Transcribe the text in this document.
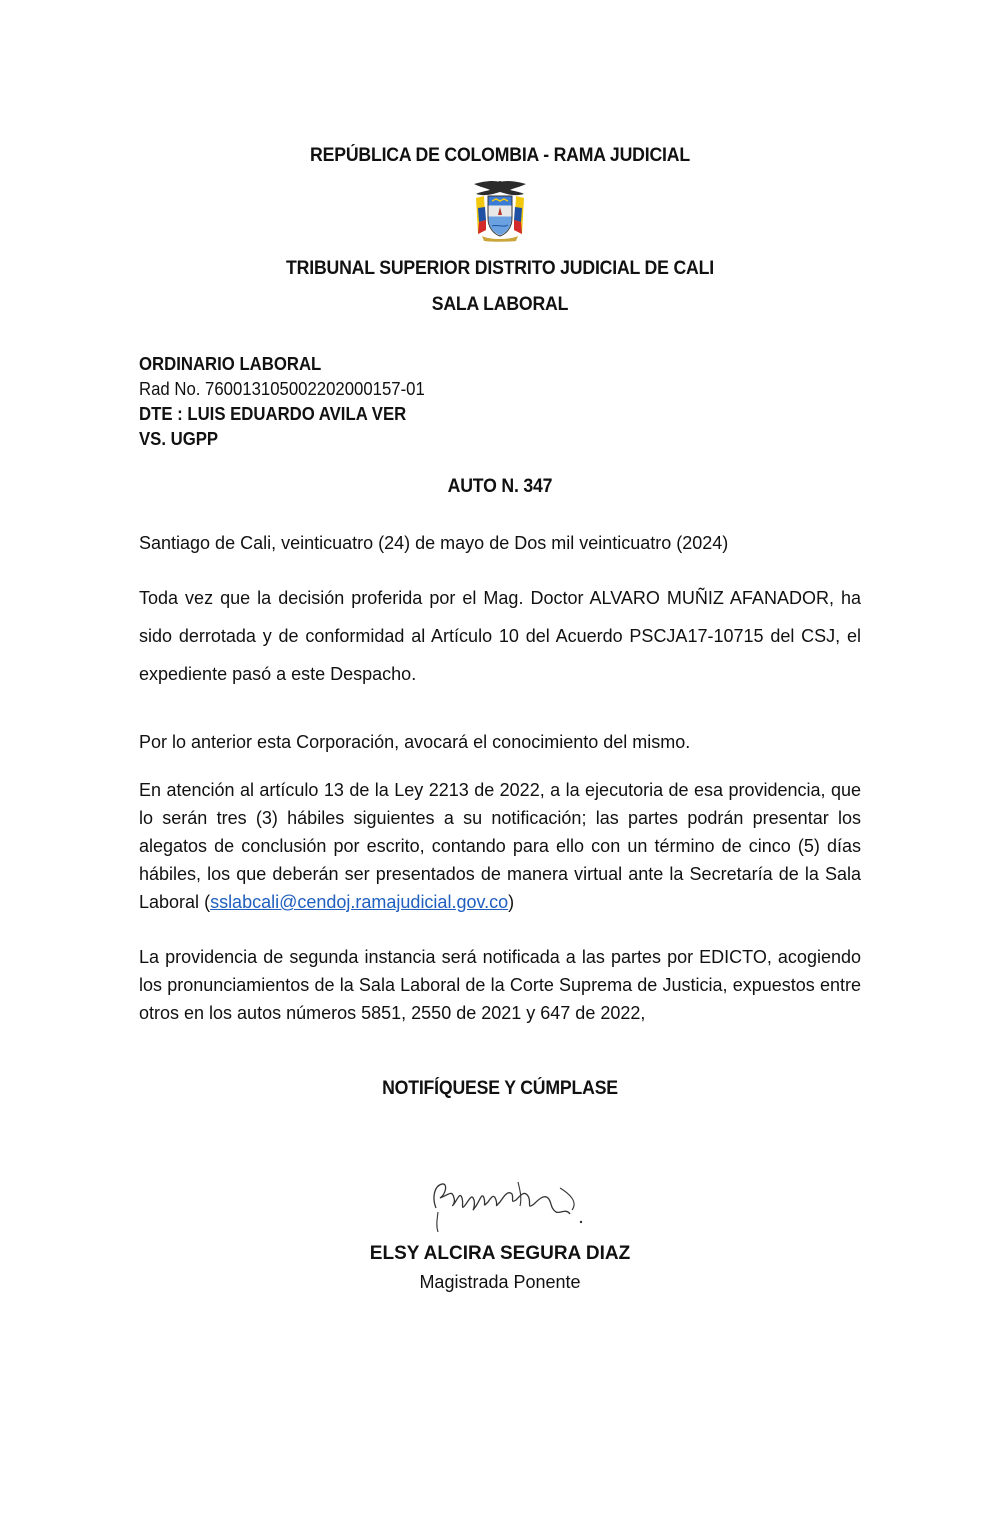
REPÚBLICA DE COLOMBIA - RAMA JUDICIAL
TRIBUNAL SUPERIOR DISTRITO JUDICIAL DE CALI
SALA LABORAL
ORDINARIO LABORAL
Rad No. 760013105002202000157-01
DTE : LUIS EDUARDO AVILA VER
VS. UGPP
AUTO N. 347
Santiago de Cali, veinticuatro (24) de mayo de Dos mil veinticuatro (2024)
Toda vez que la decisión proferida por el Mag. Doctor ALVARO MUÑIZ AFANADOR, ha sido derrotada y de conformidad al Artículo 10 del Acuerdo PSCJA17-10715 del CSJ, el expediente pasó a este Despacho.
Por lo anterior esta Corporación, avocará el conocimiento del mismo.
En atención al artículo 13 de la Ley 2213 de 2022, a la ejecutoria de esa providencia, que lo serán tres (3) hábiles siguientes a su notificación; las partes podrán presentar los alegatos de conclusión por escrito, contando para ello con un término de cinco (5) días hábiles, los que deberán ser presentados de manera virtual ante la Secretaría de la Sala Laboral (sslabcali@cendoj.ramajudicial.gov.co)
La providencia de segunda instancia será notificada a las partes por EDICTO, acogiendo los pronunciamientos de la Sala Laboral de la Corte Suprema de Justicia, expuestos entre otros en los autos números 5851, 2550 de 2021 y 647 de 2022,
NOTIFÍQUESE Y CÚMPLASE
ELSY ALCIRA SEGURA DIAZ
Magistrada Ponente
